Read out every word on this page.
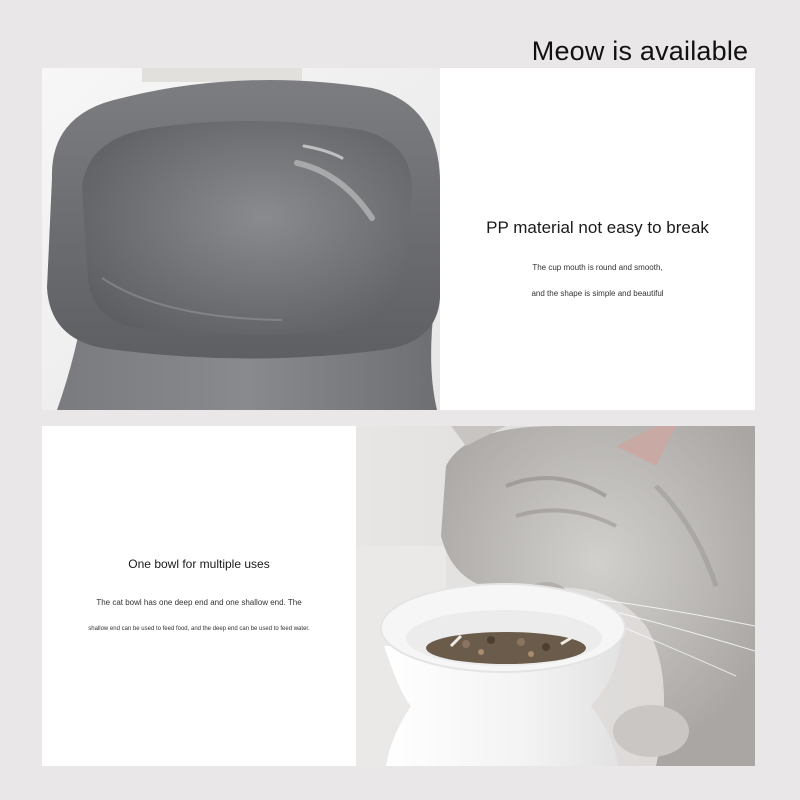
Meow is available
PP material not easy to break
The cup mouth is round and smooth,
and the shape is simple and beautiful
One bowl for multiple uses
The cat bowl has one deep end and one shallow end. The
shallow end can be used to feed food, and the deep end can be used to feed water.
